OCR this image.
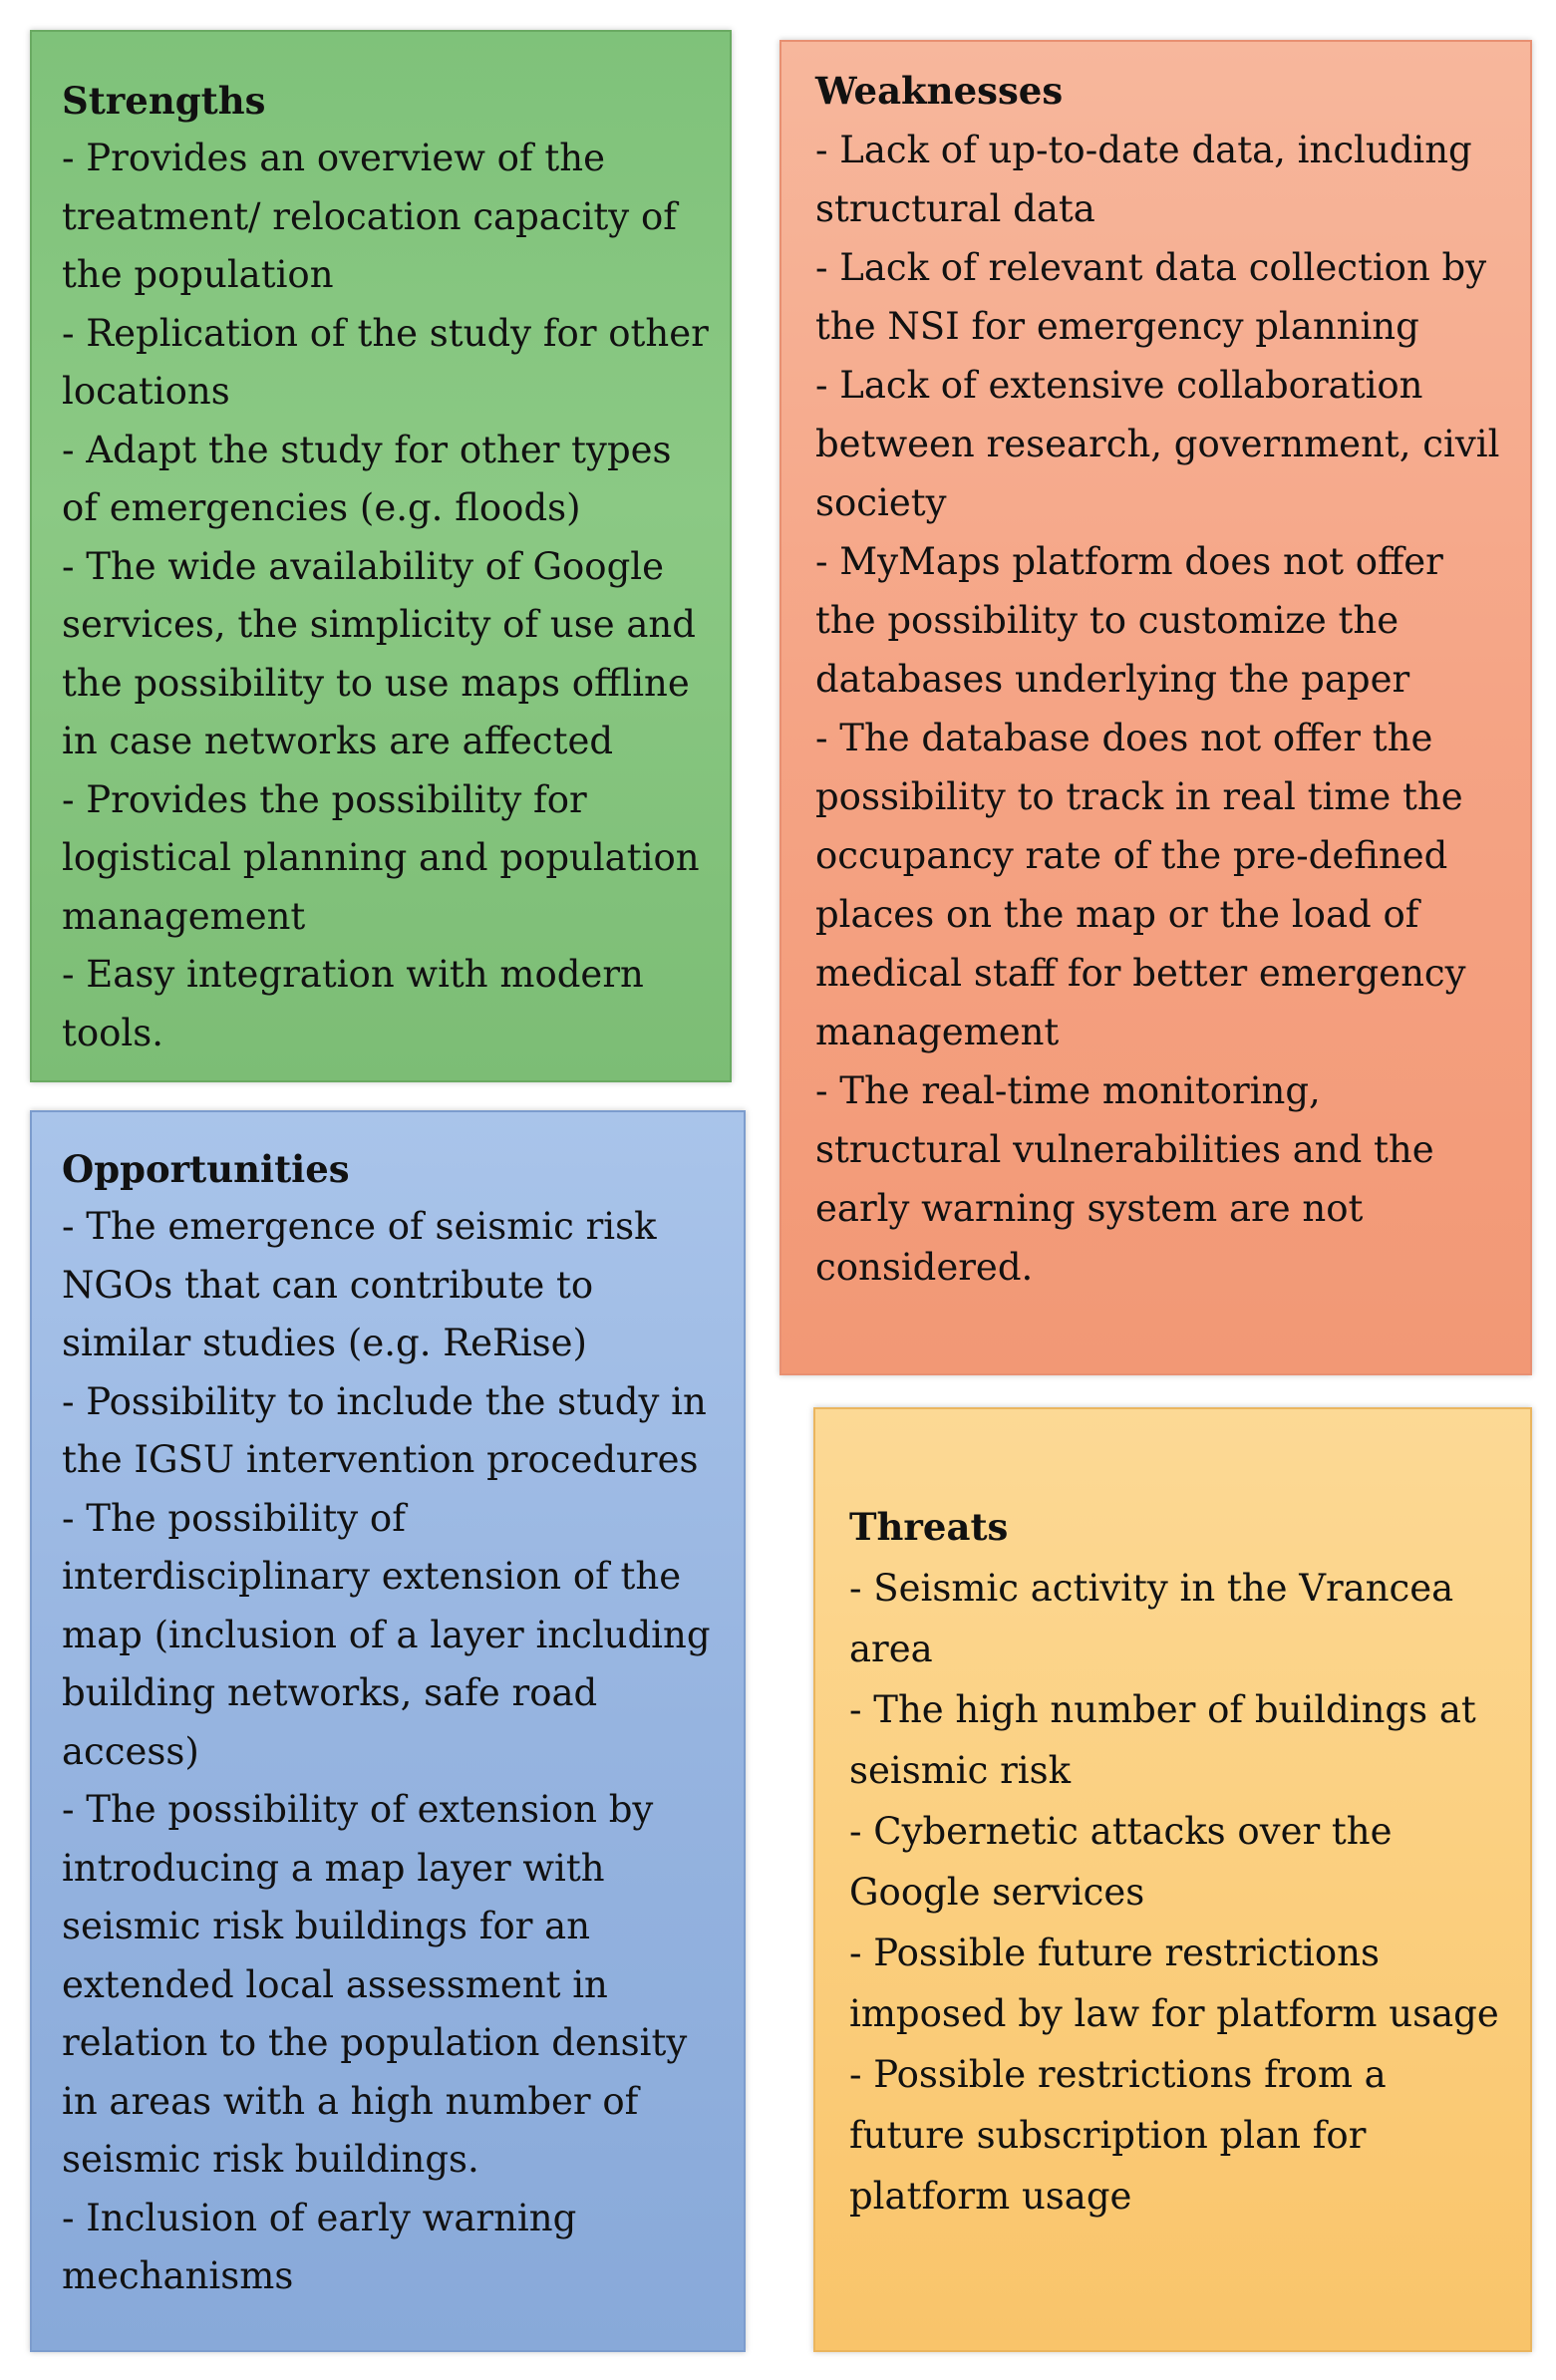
Strengths
- Provides an overview of the treatment/ relocation capacity of the population
- Replication of the study for other locations
- Adapt the study for other types of emergencies (e.g. floods)
- The wide availability of Google services, the simplicity of use and the possibility to use maps offline in case networks are affected
- Provides the possibility for logistical planning and population management
- Easy integration with modern tools.
Weaknesses
- Lack of up-to-date data, including structural data
- Lack of relevant data collection by the NSI for emergency planning
- Lack of extensive collaboration between research, government, civil society
- MyMaps platform does not offer the possibility to customize the databases underlying the paper
- The database does not offer the possibility to track in real time the occupancy rate of the pre-defined places on the map or the load of medical staff for better emergency management
- The real-time monitoring, structural vulnerabilities and the early warning system are not considered.
Opportunities
- The emergence of seismic risk NGOs that can contribute to similar studies (e.g. ReRise)
- Possibility to include the study in the IGSU intervention procedures
- The possibility of interdisciplinary extension of the map (inclusion of a layer including building networks, safe road access)
- The possibility of extension by introducing a map layer with seismic risk buildings for an extended local assessment in relation to the population density in areas with a high number of seismic risk buildings.
- Inclusion of early warning mechanisms
Threats
- Seismic activity in the Vrancea area
- The high number of buildings at seismic risk
- Cybernetic attacks over the Google services
- Possible future restrictions imposed by law for platform usage
- Possible restrictions from a future subscription plan for platform usage
